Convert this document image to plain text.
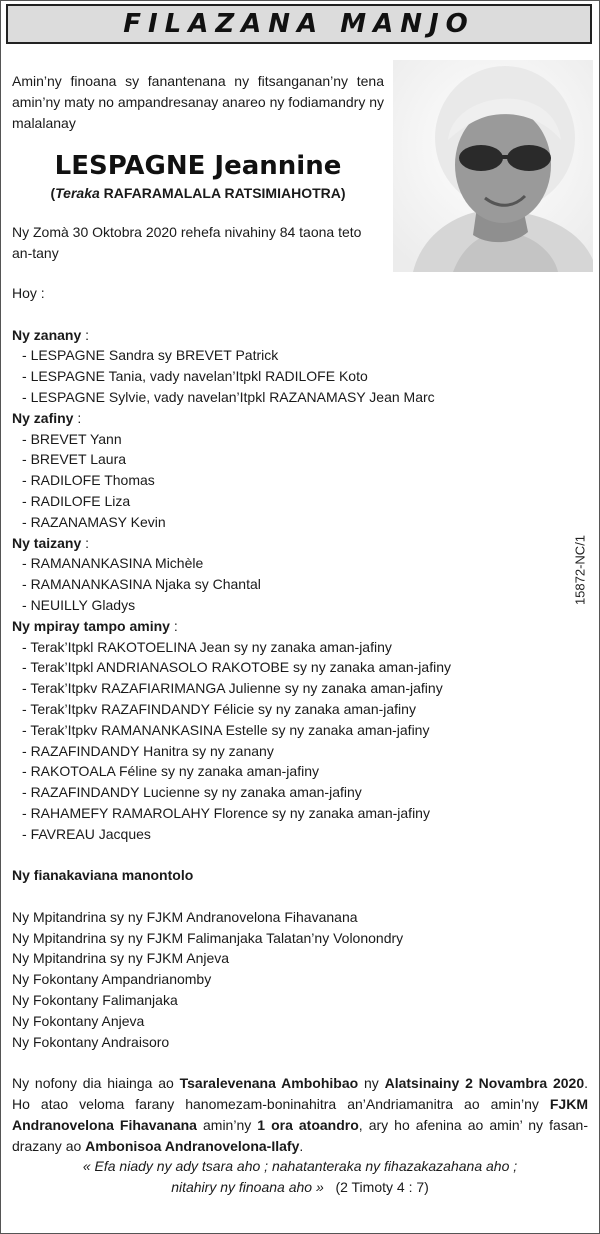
FILAZANA MANJO
Amin’ny finoana sy fanantenana ny fitsanganan’ny tena amin’ny maty no ampandresanay anareo ny fodiamandry ny malalanay
LESPAGNE Jeannine
(Teraka RAFARAMALALA RATSIMIAHOTRA)
Ny Zomà 30 Oktobra 2020 rehefa nivahiny 84 taona teto an-tany
Hoy :
Ny zanany :
- LESPAGNE Sandra sy BREVET Patrick
- LESPAGNE Tania, vady navelan’Itpkl RADILOFE Koto
- LESPAGNE Sylvie, vady navelan’Itpkl RAZANAMASY Jean Marc
Ny zafiny :
- BREVET Yann
- BREVET Laura
- RADILOFE Thomas
- RADILOFE Liza
- RAZANAMASY Kevin
Ny taizany :
- RAMANANKASINA Michèle
- RAMANANKASINA Njaka sy Chantal
- NEUILLY Gladys
Ny mpiray tampo aminy :
- Terak’Itpkl RAKOTOELINA Jean sy ny zanaka aman-jafiny
- Terak’Itpkl ANDRIANASOLO RAKOTOBE sy ny zanaka aman-jafiny
- Terak’Itpkv RAZAFIARIMANGA Julienne sy ny zanaka aman-jafiny
- Terak’Itpkv RAZAFINDANDY Félicie sy ny zanaka aman-jafiny
- Terak’Itpkv RAMANANKASINA Estelle sy ny zanaka aman-jafiny
- RAZAFINDANDY Hanitra sy ny zanany
- RAKOTOALA Féline sy ny zanaka aman-jafiny
- RAZAFINDANDY Lucienne sy ny zanaka aman-jafiny
- RAHAMEFY RAMAROLAHY Florence sy ny zanaka aman-jafiny
- FAVREAU Jacques
Ny fianakaviana manontolo
Ny Mpitandrina sy ny FJKM Andranovelona Fihavanana
Ny Mpitandrina sy ny FJKM Falimanjaka Talatan’ny Volonondry
Ny Mpitandrina sy ny FJKM Anjeva
Ny Fokontany Ampandrianomby
Ny Fokontany Falimanjaka
Ny Fokontany Anjeva
Ny Fokontany Andraisoro
Ny nofony dia hiainga ao Tsaralevenana Ambohibao ny Alatsinainy 2 Novambra 2020. Ho atao veloma farany hanomezam-boninahitra an’Andriamanitra ao amin’ny FJKM Andranovelona Fihavanana amin’ny 1 ora atoandro, ary ho afenina ao amin’ ny fasan-drazany ao Ambonisoa Andranovelona-Ilafy.
« Efa niady ny ady tsara aho ; nahatanteraka ny fihazakazahana aho ;
nitahiry ny finoana aho » (2 Timoty 4 : 7)
15872-NC/1
